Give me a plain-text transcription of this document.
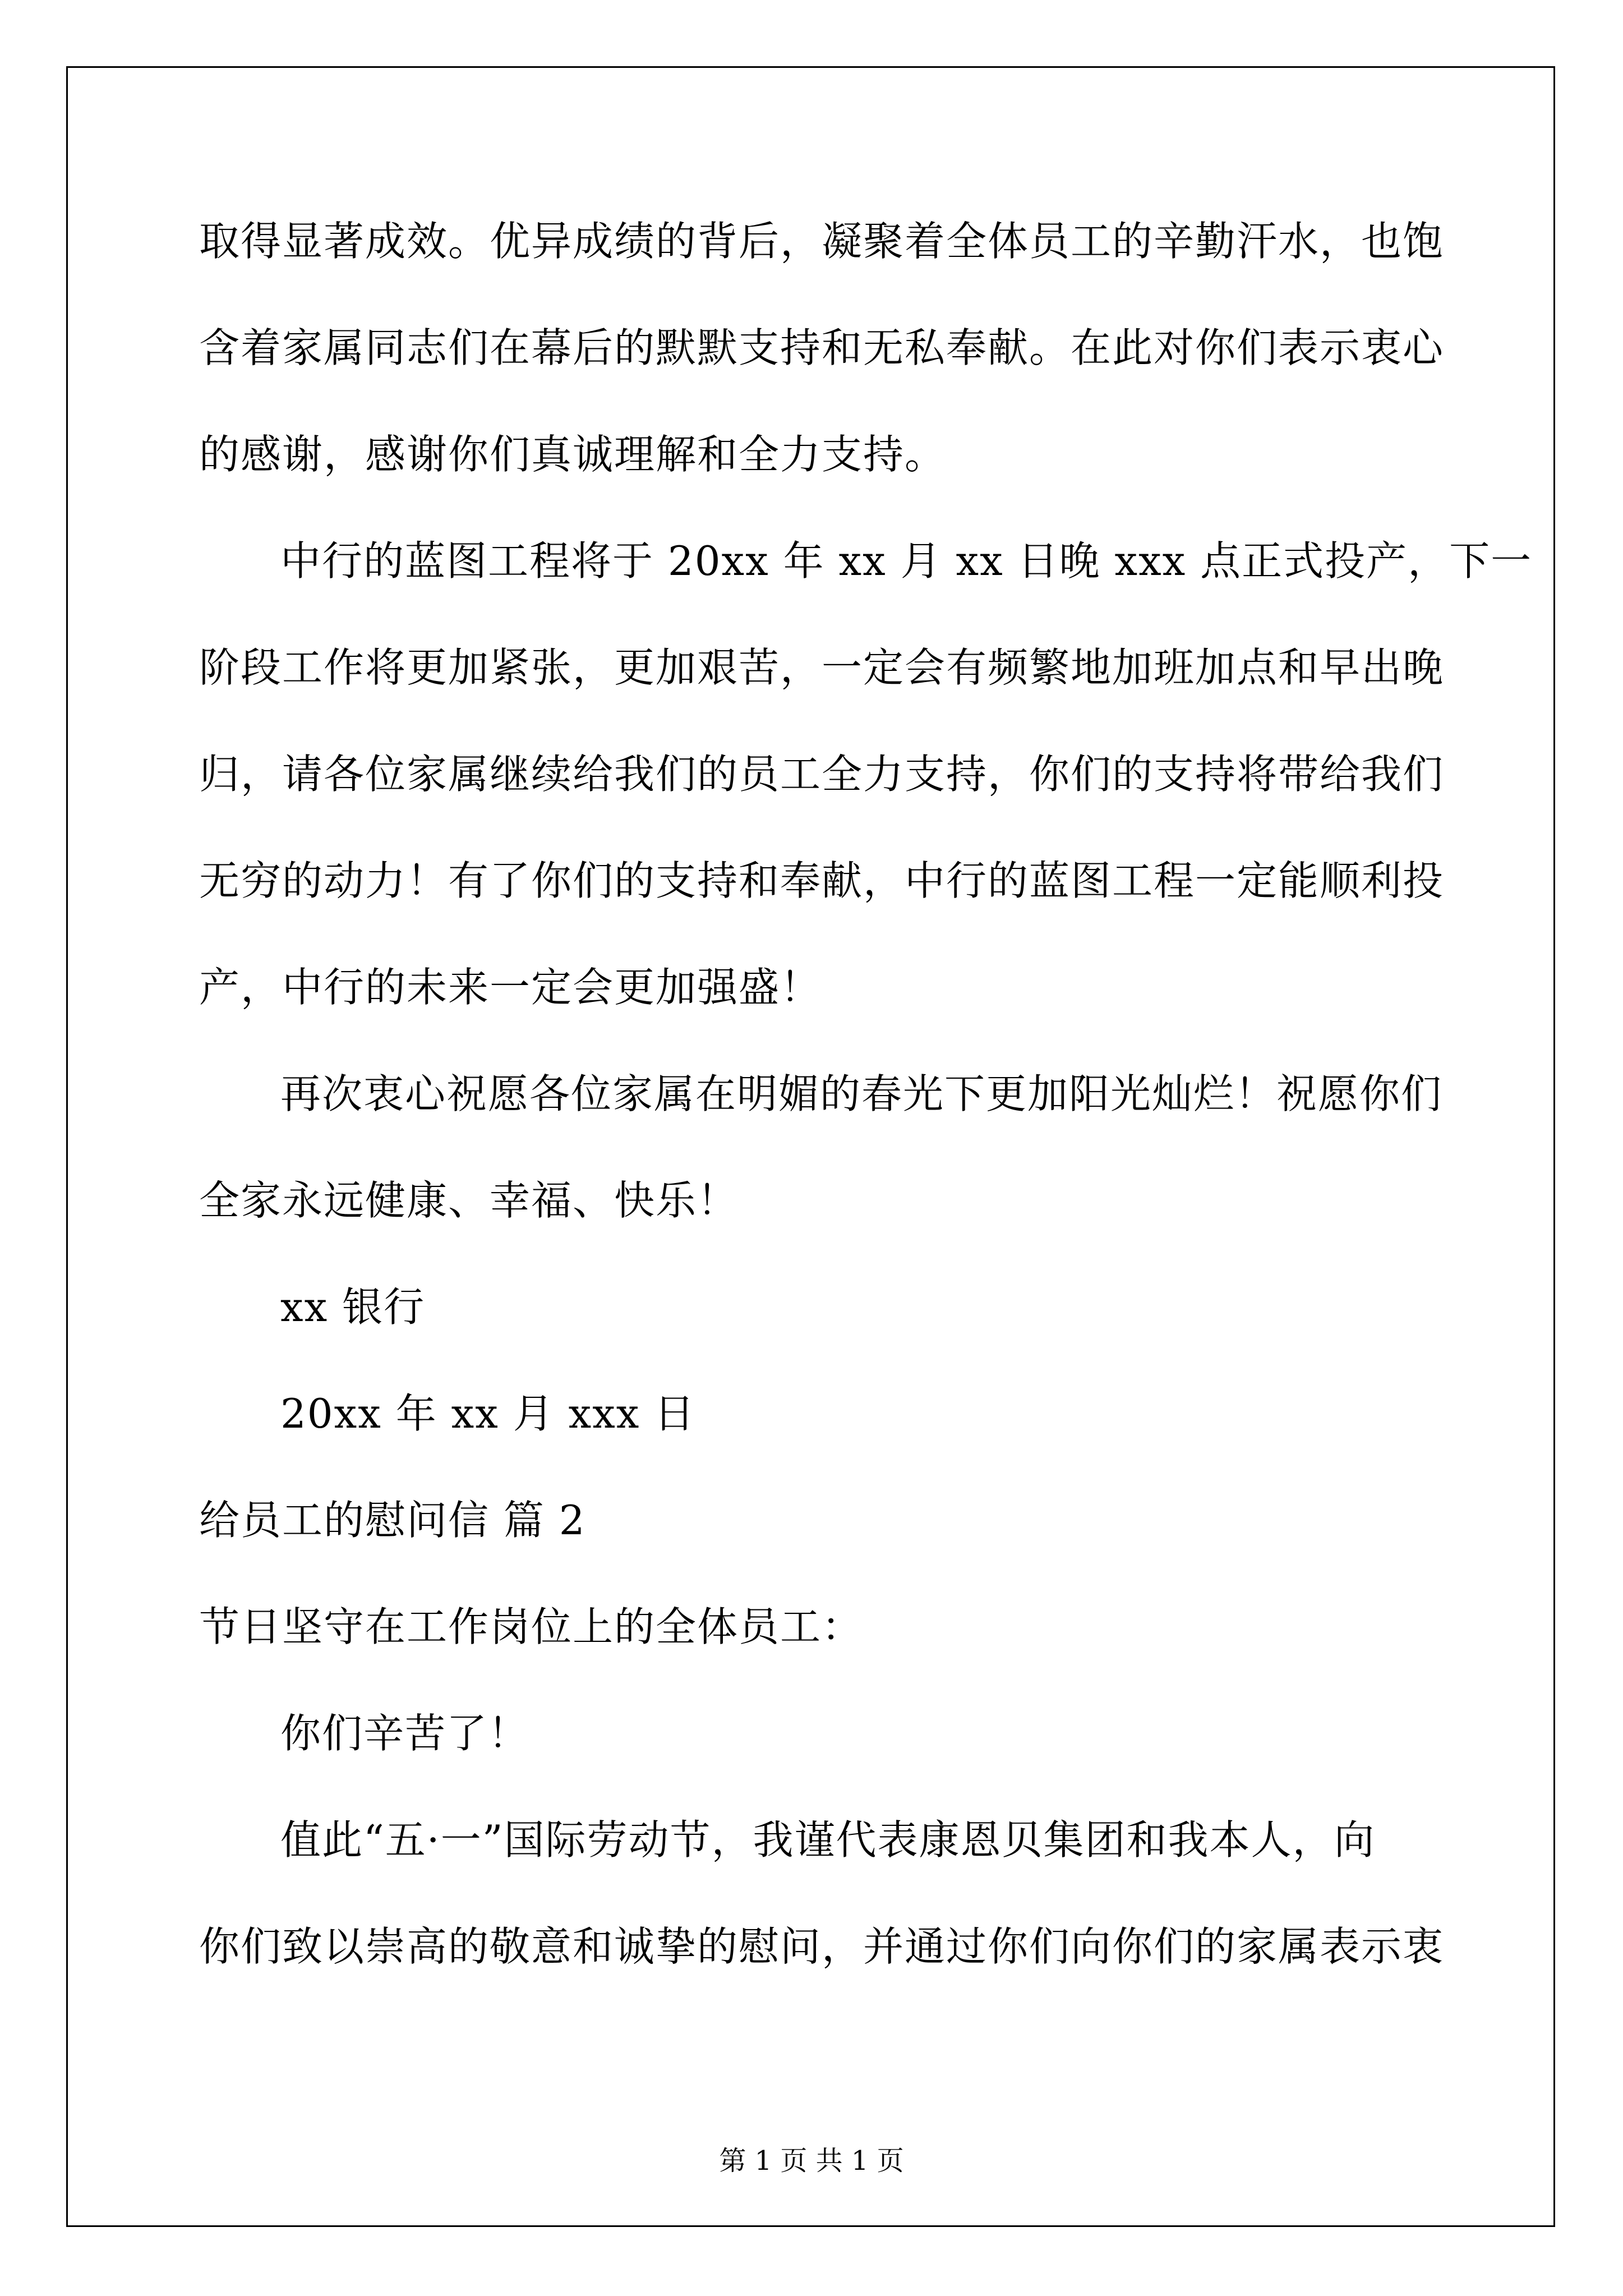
取得显著成效。优异成绩的背后，凝聚着全体员工的辛勤汗水，也饱
含着家属同志们在幕后的默默支持和无私奉献。在此对你们表示衷心
的感谢，感谢你们真诚理解和全力支持。
中行的蓝图工程将于 20xx 年 xx 月 xx 日晚 xxx 点正式投产，下一
阶段工作将更加紧张，更加艰苦，一定会有频繁地加班加点和早出晚
归，请各位家属继续给我们的员工全力支持，你们的支持将带给我们
无穷的动力！有了你们的支持和奉献，中行的蓝图工程一定能顺利投
产，中行的未来一定会更加强盛！
再次衷心祝愿各位家属在明媚的春光下更加阳光灿烂！祝愿你们
全家永远健康、幸福、快乐！
xx 银行
20xx 年 xx 月 xxx 日
给员工的慰问信 篇 2
节日坚守在工作岗位上的全体员工：
你们辛苦了！
值此“五·一”国际劳动节，我谨代表康恩贝集团和我本人，向
你们致以崇高的敬意和诚挚的慰问，并通过你们向你们的家属表示衷
第 1 页 共 1 页
